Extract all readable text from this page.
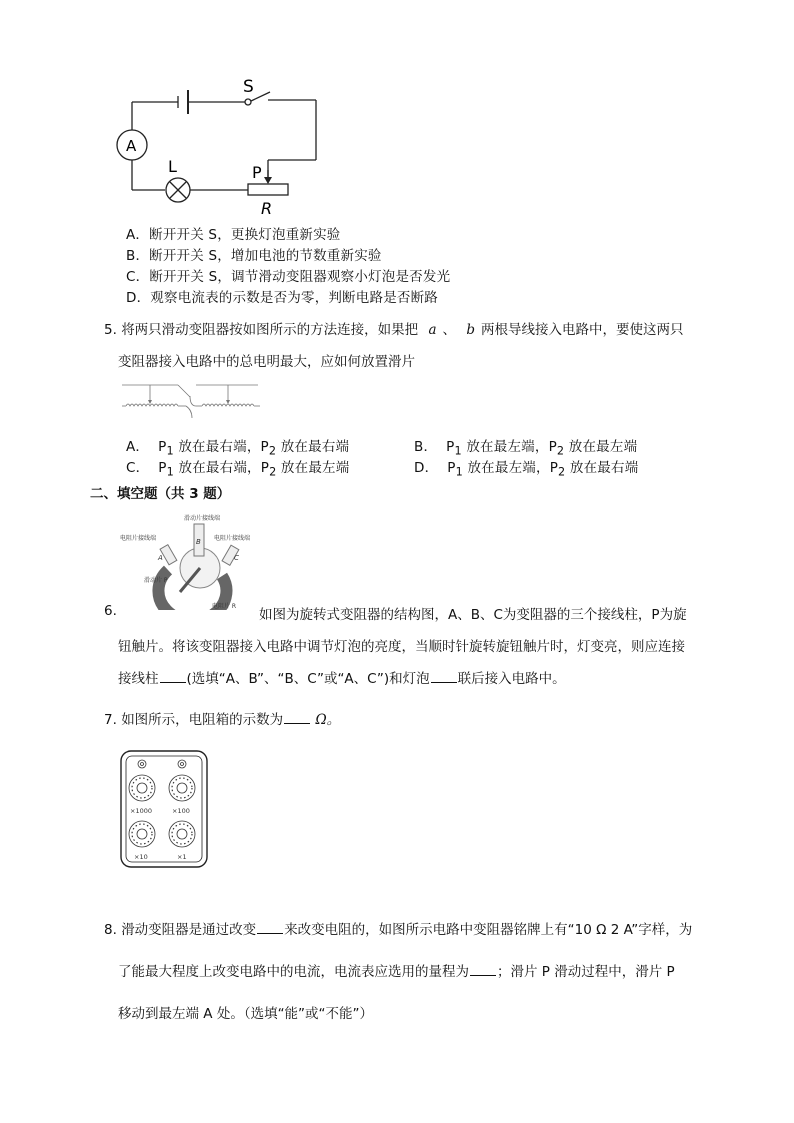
S
A
L	P
R
A．断开开关 S，更换灯泡重新实验
B．断开开关 S，增加电池的节数重新实验
C．断开开关 S，调节滑动变阻器观察小灯泡是否发光
D．观察电流表的示数是否为零，判断电路是否断路
5. 将两只滑动变阻器按如图所示的方法连接，如果把 a 、 b 两根导线接入电路中，要使这两只
变阻器接入电路中的总电明最大，应如何放置滑片
A．  $P_1$ 放在最右端，$P_2$ 放在最右端	B．  $P_1$ 放在最左端，$P_2$ 放在最左端
C．  $P_1$ 放在最右端，$P_2$ 放在最左端	D．  $P_1$ 放在最左端，$P_2$ 放在最右端
二、填空题（共 3 题）
滑动片接线端
电阻片接线端	电阻片接线端
滑动片 P
电阻片 R
A
B
C
6.	如图为旋转式变阻器的结构图，A、B、C为变阻器的三个接线柱，P为旋
钮触片。将该变阻器接入电路中调节灯泡的亮度，当顺时针旋转旋钮触片时，灯变亮，则应连接
接线柱 (选填“A、B”、“B、C”或“A、C”)和灯泡 联后接入电路中。
7. 如图所示，电阻箱的示数为 Ω。
×1000	×100
×10	×1
8. 滑动变阻器是通过改变 来改变电阻的，如图所示电路中变阻器铭牌上有“10 Ω 2 A”字样，为
了能最大程度上改变电路中的电流，电流表应选用的量程为 ；滑片 P 滑动过程中，滑片 P
移动到最左端 A 处。（选填“能”或“不能”）
